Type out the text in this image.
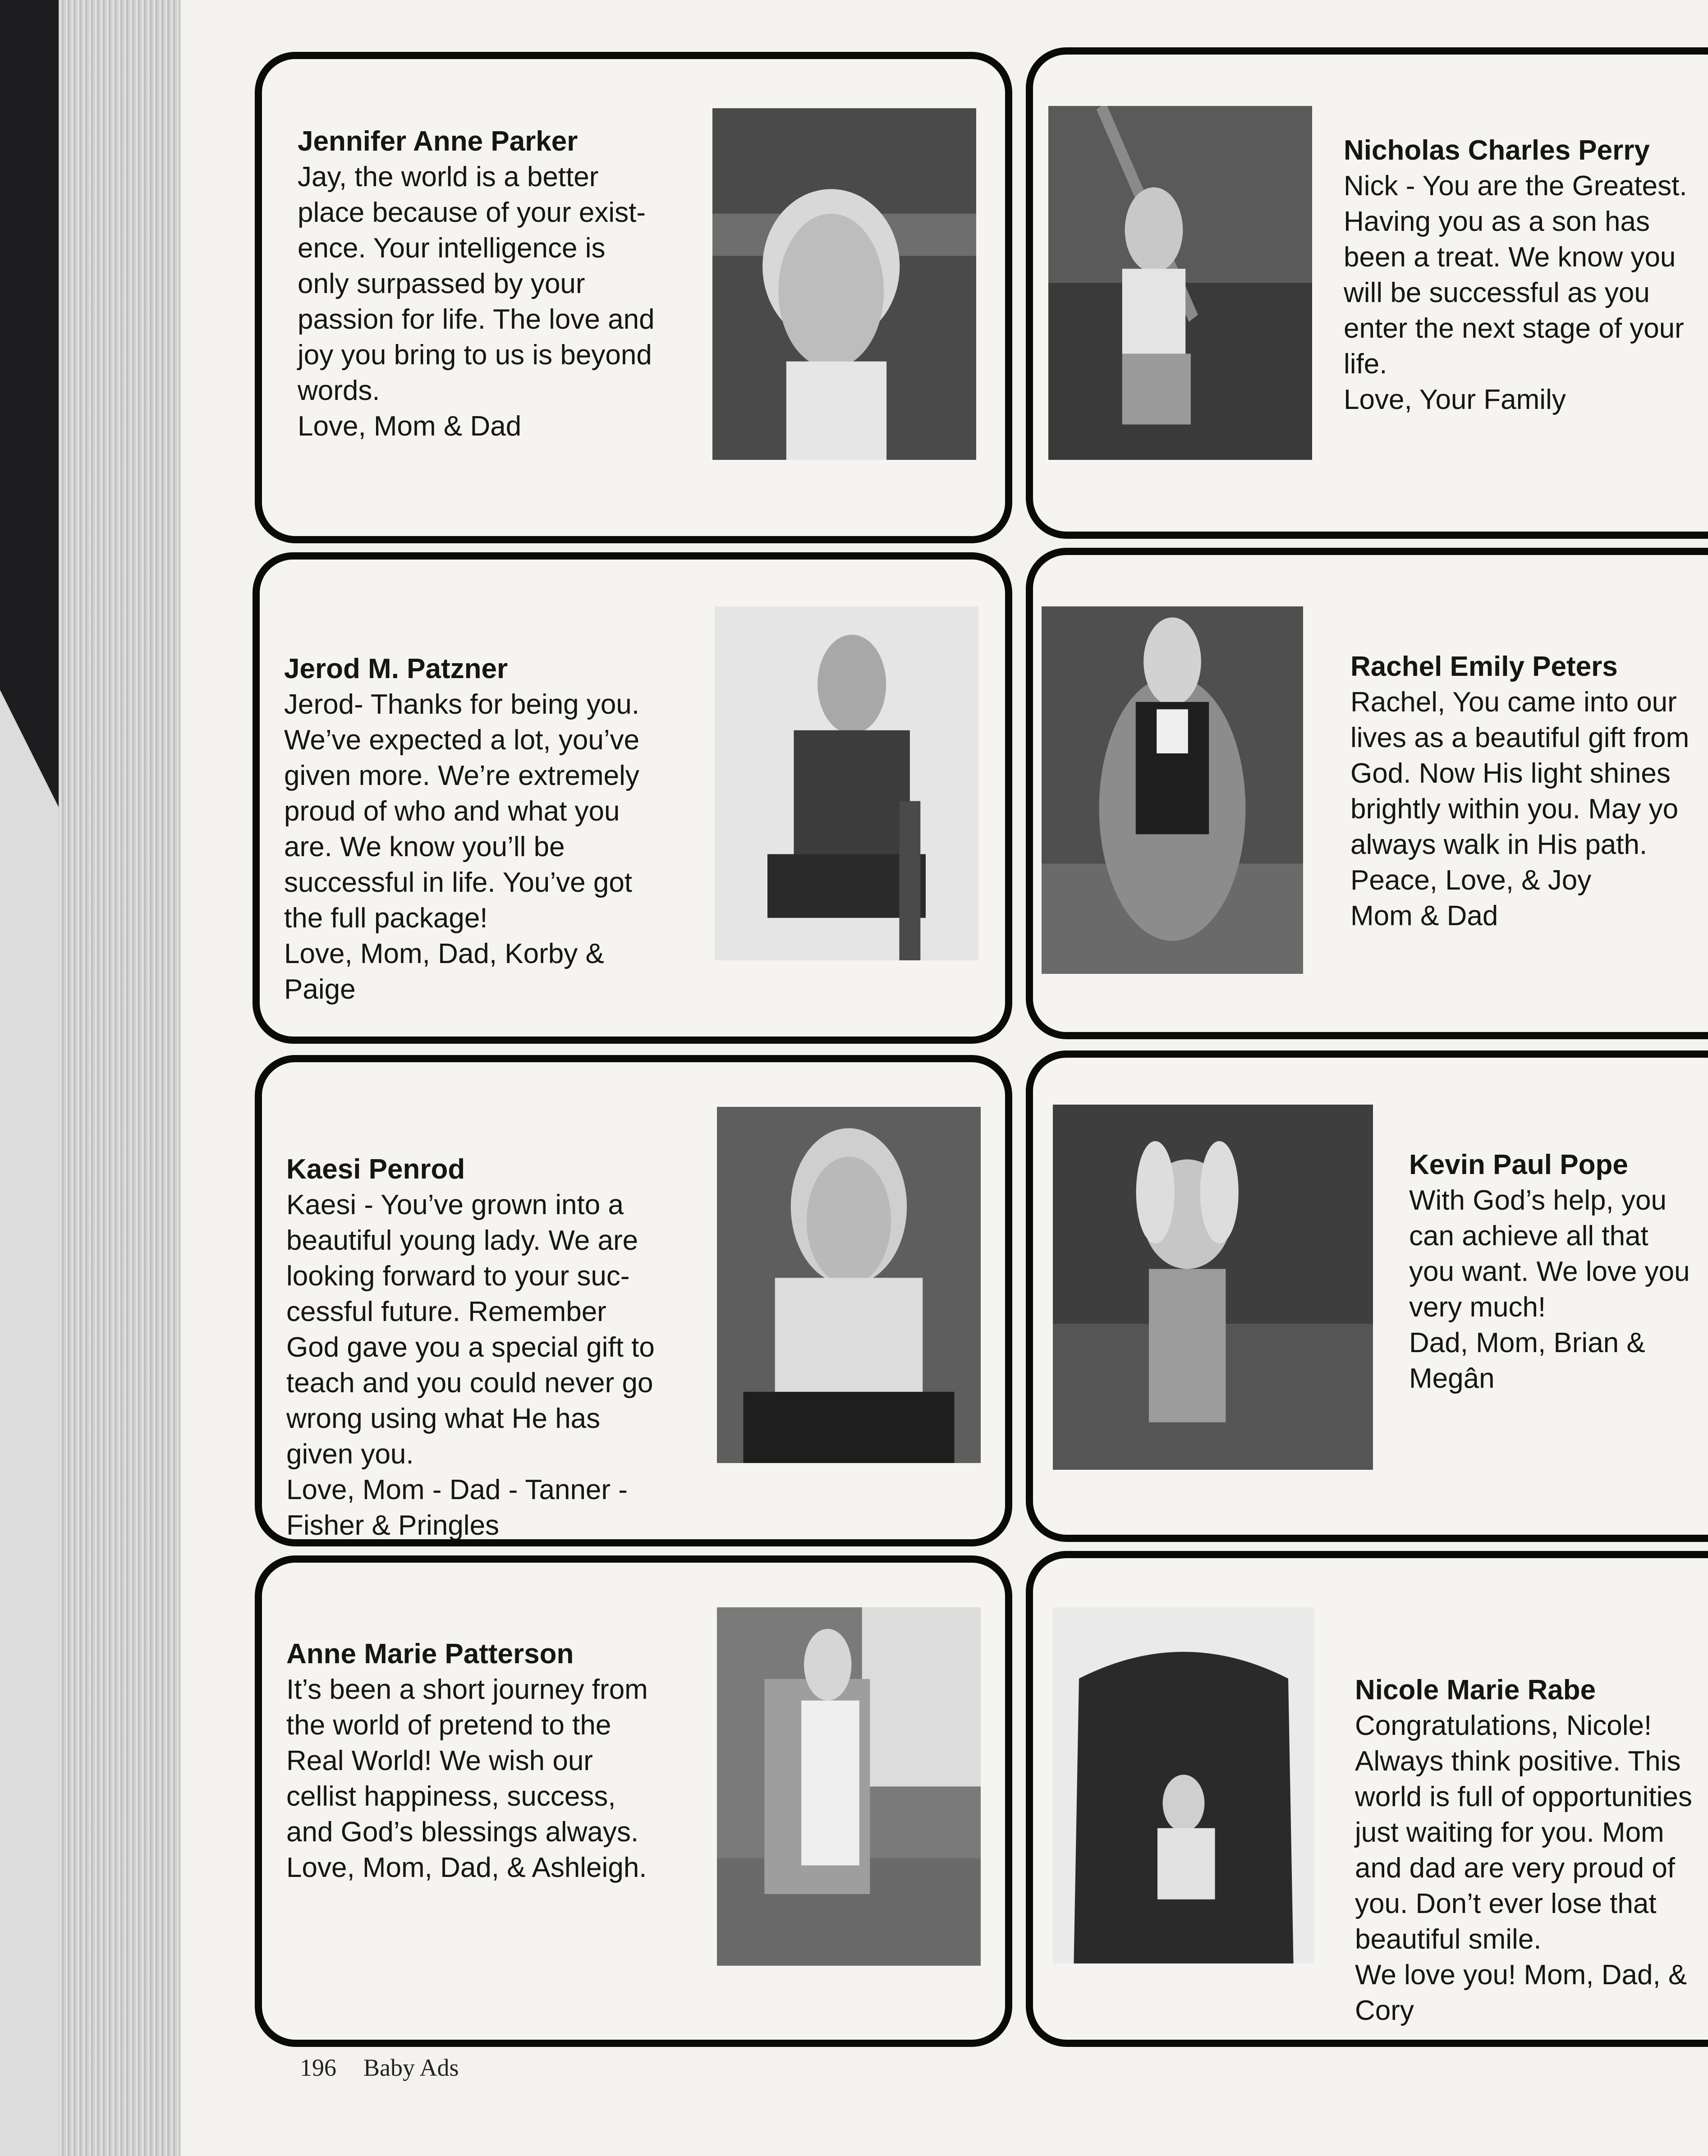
Jennifer Anne Parker
Jay, the world is a better
place because of your exist-
ence. Your intelligence is
only surpassed by your
passion for life. The love and
joy you bring to us is beyond
words.
Love, Mom & Dad

Nicholas Charles Perry
Nick - You are the Greatest.
Having you as a son has
been a treat. We know you
will be successful as you
enter the next stage of your
life.
Love, Your Family

Jerod M. Patzner
Jerod- Thanks for being you.
We’ve expected a lot, you’ve
given more. We’re extremely
proud of who and what you
are. We know you’ll be
successful in life. You’ve got
the full package!
Love, Mom, Dad, Korby &
Paige

Rachel Emily Peters
Rachel, You came into our
lives as a beautiful gift from
God. Now His light shines
brightly within you. May yo
always walk in His path.
Peace, Love, & Joy
Mom & Dad

Kaesi Penrod
Kaesi - You’ve grown into a
beautiful young lady. We are
looking forward to your suc-
cessful future. Remember
God gave you a special gift to
teach and you could never go
wrong using what He has
given you.
Love, Mom - Dad - Tanner -
Fisher & Pringles

Kevin Paul Pope
With God’s help, you
can achieve all that
you want. We love you
very much!
Dad, Mom, Brian &
Megân

Anne Marie Patterson
It’s been a short journey from
the world of pretend to the
Real World! We wish our
cellist happiness, success,
and God’s blessings always.
Love, Mom, Dad, & Ashleigh.

Nicole Marie Rabe
Congratulations, Nicole!
Always think positive. This
world is full of opportunities
just waiting for you. Mom
and dad are very proud of
you. Don’t ever lose that
beautiful smile.
We love you! Mom, Dad, &
Cory

196 Baby Ads
